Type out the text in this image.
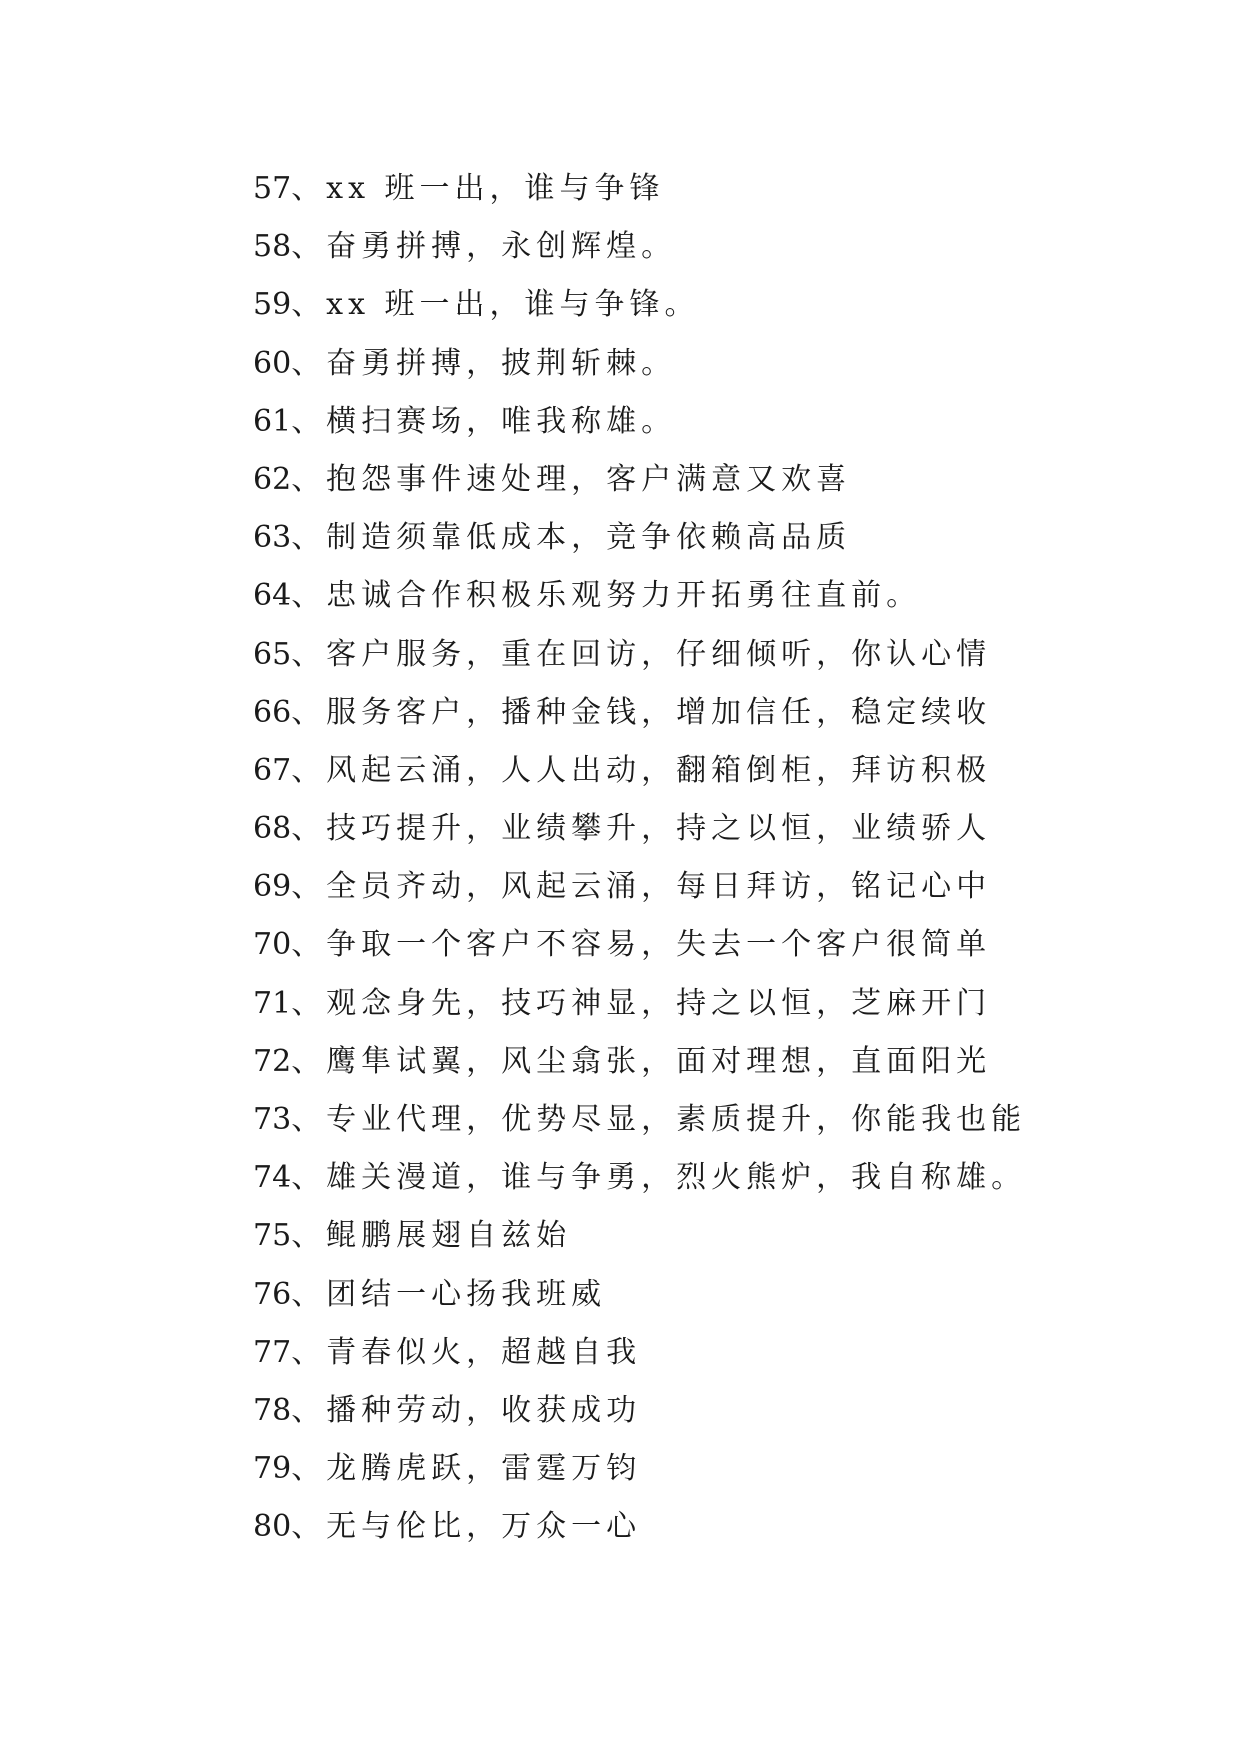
57、xx 班一出，谁与争锋
58、奋勇拼搏，永创辉煌。
59、xx 班一出，谁与争锋。
60、奋勇拼搏，披荆斩棘。
61、横扫赛场，唯我称雄。
62、抱怨事件速处理，客户满意又欢喜
63、制造须靠低成本，竞争依赖高品质
64、忠诚合作积极乐观努力开拓勇往直前。
65、客户服务，重在回访，仔细倾听，你认心情
66、服务客户，播种金钱，增加信任，稳定续收
67、风起云涌，人人出动，翻箱倒柜，拜访积极
68、技巧提升，业绩攀升，持之以恒，业绩骄人
69、全员齐动，风起云涌，每日拜访，铭记心中
70、争取一个客户不容易，失去一个客户很简单
71、观念身先，技巧神显，持之以恒，芝麻开门
72、鹰隼试翼，风尘翕张，面对理想，直面阳光
73、专业代理，优势尽显，素质提升，你能我也能
74、雄关漫道，谁与争勇，烈火熊炉，我自称雄。
75、鲲鹏展翅自兹始
76、团结一心扬我班威
77、青春似火，超越自我
78、播种劳动，收获成功
79、龙腾虎跃，雷霆万钧
80、无与伦比，万众一心
